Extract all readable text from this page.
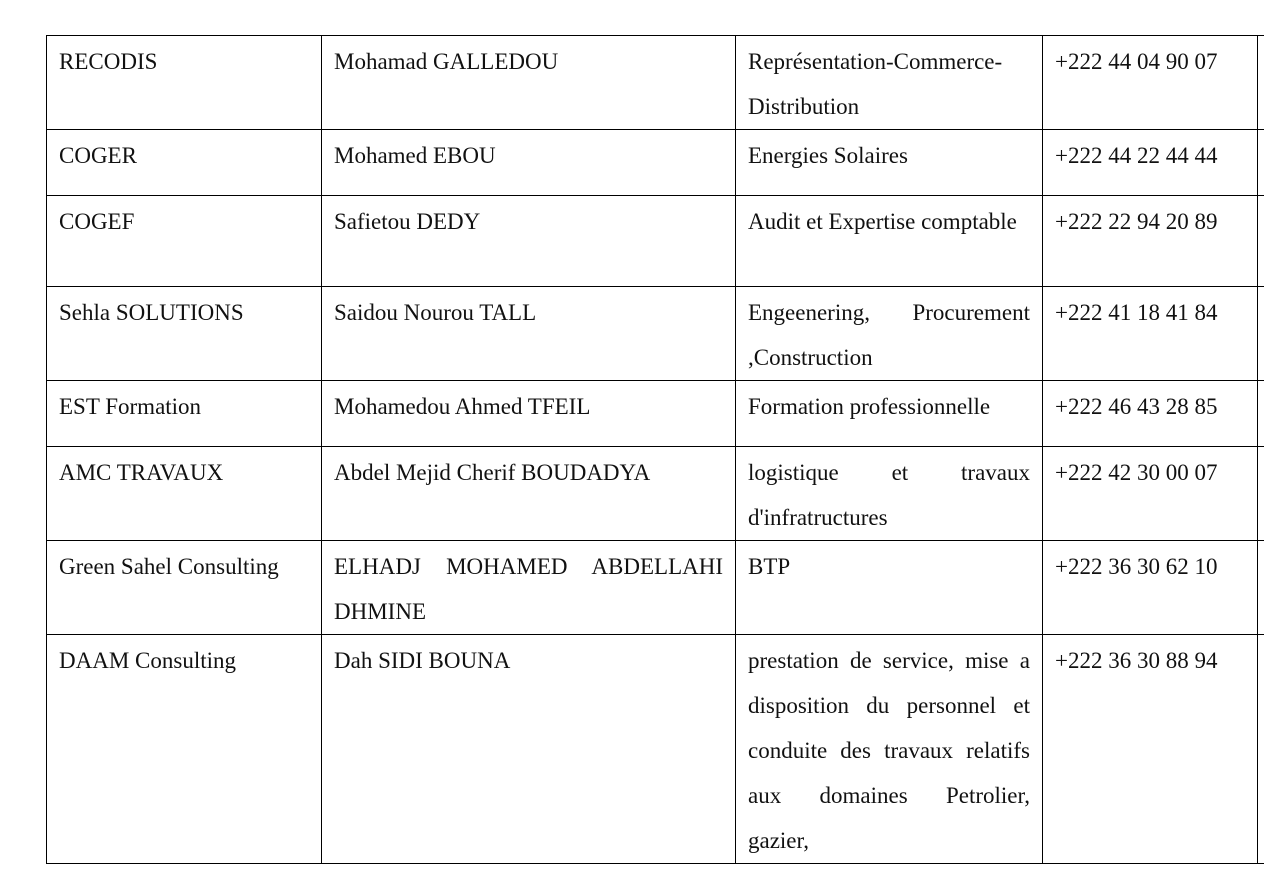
RECODIS	Mohamad GALLEDOU	Représentation-Commerce-Distribution	+222 44 04 90 07	
COGER	Mohamed EBOU	Energies Solaires	+222 44 22 44 44	
COGEF	Safietou DEDY	Audit et Expertise comptable	+222 22 94 20 89	
Sehla SOLUTIONS	Saidou Nourou TALL	Engeenering, Procurement ,Construction	+222 41 18 41 84	
EST Formation	Mohamedou Ahmed TFEIL	Formation professionnelle	+222 46 43 28 85	
AMC TRAVAUX	Abdel Mejid Cherif BOUDADYA	logistique et travaux d'infratructures	+222 42 30 00 07	
Green Sahel Consulting	ELHADJ MOHAMED ABDELLAHI DHMINE	BTP	+222 36 30 62 10	
DAAM Consulting	Dah SIDI BOUNA	prestation de service, mise a disposition du personnel et conduite des travaux relatifs aux domaines Petrolier, gazier,	+222 36 30 88 94	
